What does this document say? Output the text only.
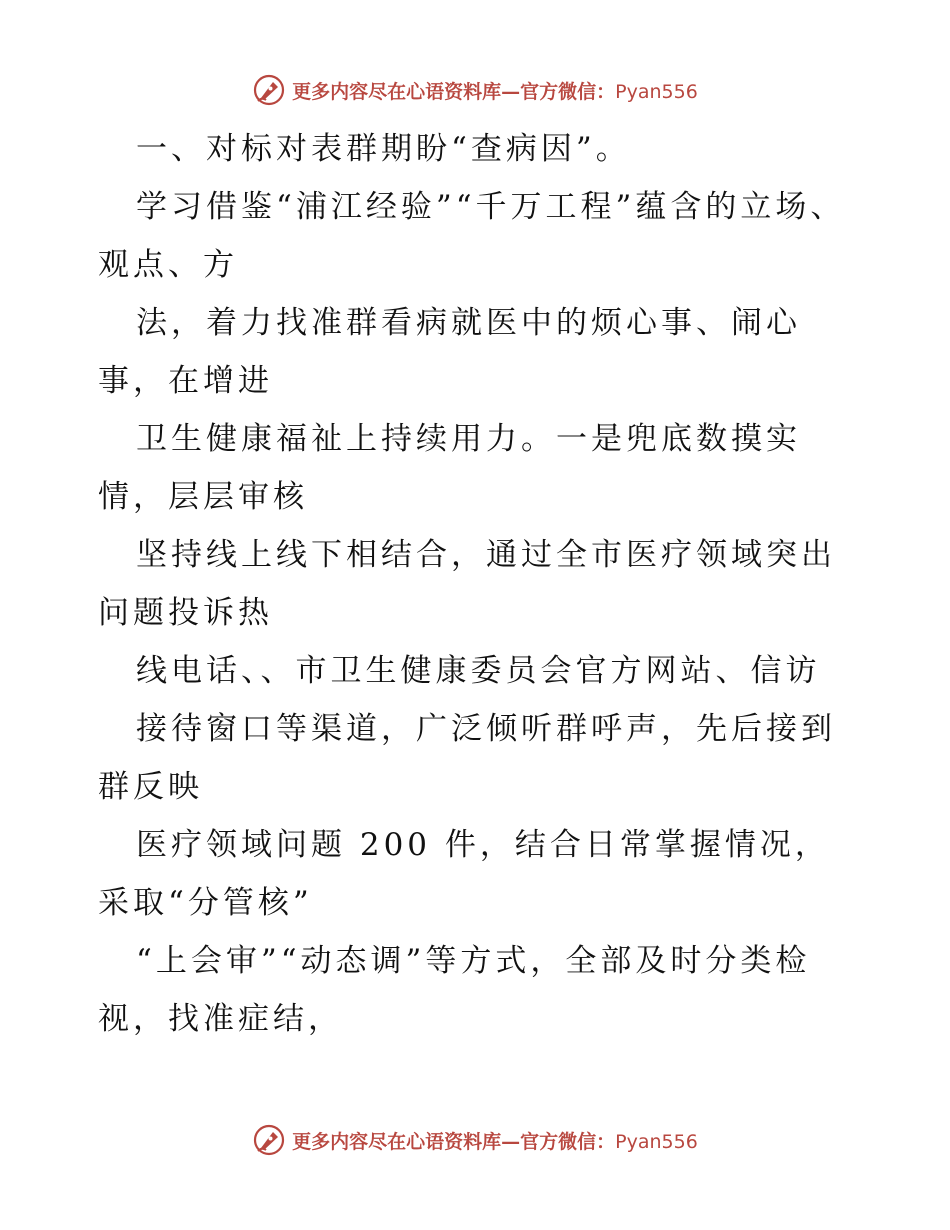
更多内容尽在心语资料库—官方微信：Pyan556

一、对标对表群期盼“查病因”。

学习借鉴“浦江经验”“千万工程”蕴含的立场、观点、方

法，着力找准群看病就医中的烦心事、闹心事，在增进

卫生健康福祉上持续用力。一是兜底数摸实情，层层审核

坚持线上线下相结合，通过全市医疗领域突出问题投诉热

线电话、、市卫生健康委员会官方网站、信访

接待窗口等渠道，广泛倾听群呼声，先后接到群反映

医疗领域问题 200 件，结合日常掌握情况，采取“分管核”

“上会审”“动态调”等方式，全部及时分类检视，找准症结，

更多内容尽在心语资料库—官方微信：Pyan556
